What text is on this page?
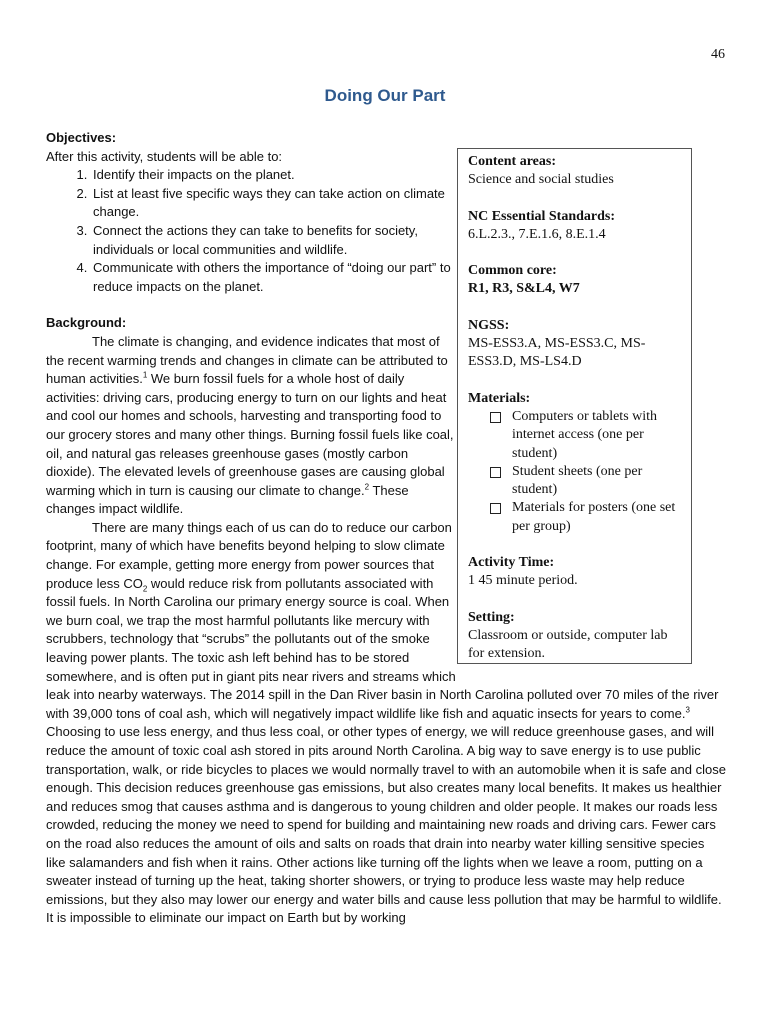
46
Doing Our Part

Objectives:

After this activity, students will be able to:

1. Identify their impacts on the planet.
2. List at least five specific ways they can take action on climate change.
3. Connect the actions they can take to benefits for society, individuals or local communities and wildlife.
4. Communicate with others the importance of “doing our part” to reduce impacts on the planet.

Background:

The climate is changing, and evidence indicates that most of the recent warming trends and changes in climate can be attributed to human activities.$^1$ We burn fossil fuels for a whole host of daily activities: driving cars, producing energy to turn on our lights and heat and cool our homes and schools, harvesting and transporting food to our grocery stores and many other things. Burning fossil fuels like coal, oil, and natural gas releases greenhouse gases (mostly carbon dioxide). The elevated levels of greenhouse gases are causing global warming which in turn is causing our climate to change.$^2$ These changes impact wildlife.

There are many things each of us can do to reduce our carbon footprint, many of which have benefits beyond helping to slow climate change. For example, getting more energy from power sources that produce less $CO_2$ would reduce risk from pollutants associated with fossil fuels. In North Carolina our primary energy source is coal. When we burn coal, we trap the most harmful pollutants like mercury with scrubbers, technology that “scrubs” the pollutants out of the smoke leaving power plants. The toxic ash left behind has to be stored somewhere, and is often put in giant pits near rivers and streams which leak into nearby waterways. The 2014 spill in the Dan River basin in North Carolina polluted over 70 miles of the river with 39,000 tons of coal ash, which will negatively impact wildlife like fish and aquatic insects for years to come.$^3$ Choosing to use less energy, and thus less coal, or other types of energy, we will reduce greenhouse gases, and will reduce the amount of toxic coal ash stored in pits around North Carolina. A big way to save energy is to use public transportation, walk, or ride bicycles to places we would normally travel to with an automobile when it is safe and close enough. This decision reduces greenhouse gas emissions, but also creates many local benefits. It makes us healthier and reduces smog that causes asthma and is dangerous to young children and older people. It makes our roads less crowded, reducing the money we need to spend for building and maintaining new roads and driving cars. Fewer cars on the road also reduces the amount of oils and salts on roads that drain into nearby water killing sensitive species like salamanders and fish when it rains. Other actions like turning off the lights when we leave a room, putting on a sweater instead of turning up the heat, taking shorter showers, or trying to produce less waste may help reduce emissions, but they also may lower our energy and water bills and cause less pollution that may be harmful to wildlife. It is impossible to eliminate our impact on Earth but by working

Content areas:
Science and social studies
NC Essential Standards:
6.L.2.3., 7.E.1.6, 8.E.1.4
Common core:
R1, R3, S&L4, W7
NGSS:
MS-ESS3.A, MS-ESS3.C, MS-ESS3.D, MS-LS4.D
Materials:
Computers or tablets with internet access (one per student)
Student sheets (one per student)
Materials for posters (one set per group)
Activity Time:
1 45 minute period.
Setting:
Classroom or outside, computer lab for extension.
